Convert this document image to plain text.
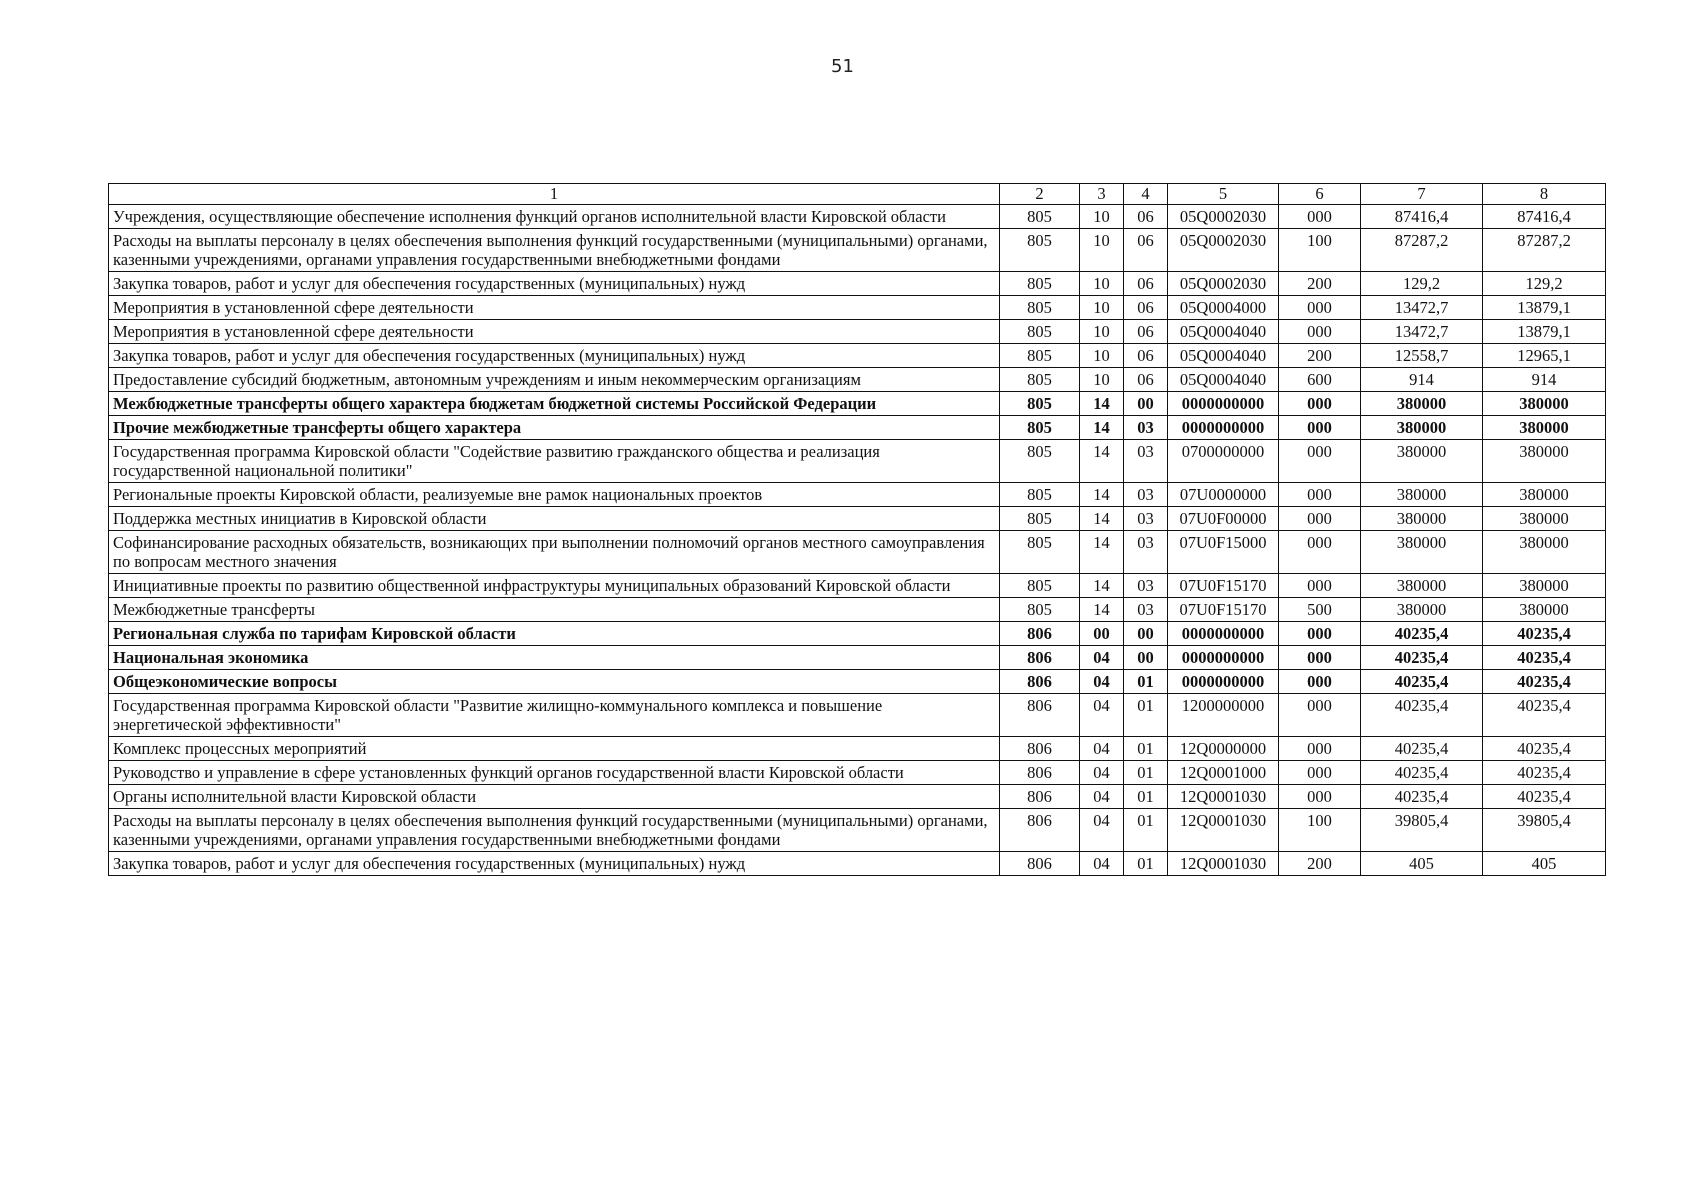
51
1	2	3	4	5	6	7	8
Учреждения, осуществляющие обеспечение исполнения функций органов исполнительной власти Кировской области	805	10	06	05Q0002030	000	87416,4	87416,4
Расходы на выплаты персоналу в целях обеспечения выполнения функций государственными (муниципальными) органами, казенными учреждениями, органами управления государственными внебюджетными фондами	805	10	06	05Q0002030	100	87287,2	87287,2
Закупка товаров, работ и услуг для обеспечения государственных (муниципальных) нужд	805	10	06	05Q0002030	200	129,2	129,2
Мероприятия в установленной сфере деятельности	805	10	06	05Q0004000	000	13472,7	13879,1
Мероприятия в установленной сфере деятельности	805	10	06	05Q0004040	000	13472,7	13879,1
Закупка товаров, работ и услуг для обеспечения государственных (муниципальных) нужд	805	10	06	05Q0004040	200	12558,7	12965,1
Предоставление субсидий бюджетным, автономным учреждениям и иным некоммерческим организациям	805	10	06	05Q0004040	600	914	914
Межбюджетные трансферты общего характера бюджетам бюджетной системы Российской Федерации	805	14	00	0000000000	000	380000	380000
Прочие межбюджетные трансферты общего характера	805	14	03	0000000000	000	380000	380000
Государственная программа Кировской области "Содействие развитию гражданского общества и реализация государственной национальной политики"	805	14	03	0700000000	000	380000	380000
Региональные проекты Кировской области, реализуемые вне рамок национальных проектов	805	14	03	07U0000000	000	380000	380000
Поддержка местных инициатив в Кировской области	805	14	03	07U0F00000	000	380000	380000
Софинансирование расходных обязательств, возникающих при выполнении полномочий органов местного самоуправления по вопросам местного значения	805	14	03	07U0F15000	000	380000	380000
Инициативные проекты по развитию общественной инфраструктуры муниципальных образований Кировской области	805	14	03	07U0F15170	000	380000	380000
Межбюджетные трансферты	805	14	03	07U0F15170	500	380000	380000
Региональная служба по тарифам Кировской области	806	00	00	0000000000	000	40235,4	40235,4
Национальная экономика	806	04	00	0000000000	000	40235,4	40235,4
Общеэкономические вопросы	806	04	01	0000000000	000	40235,4	40235,4
Государственная программа Кировской области "Развитие жилищно-коммунального комплекса и повышение энергетической эффективности"	806	04	01	1200000000	000	40235,4	40235,4
Комплекс процессных мероприятий	806	04	01	12Q0000000	000	40235,4	40235,4
Руководство и управление в сфере установленных функций органов государственной власти Кировской области	806	04	01	12Q0001000	000	40235,4	40235,4
Органы исполнительной власти Кировской области	806	04	01	12Q0001030	000	40235,4	40235,4
Расходы на выплаты персоналу в целях обеспечения выполнения функций государственными (муниципальными) органами, казенными учреждениями, органами управления государственными внебюджетными фондами	806	04	01	12Q0001030	100	39805,4	39805,4
Закупка товаров, работ и услуг для обеспечения государственных (муниципальных) нужд	806	04	01	12Q0001030	200	405	405
